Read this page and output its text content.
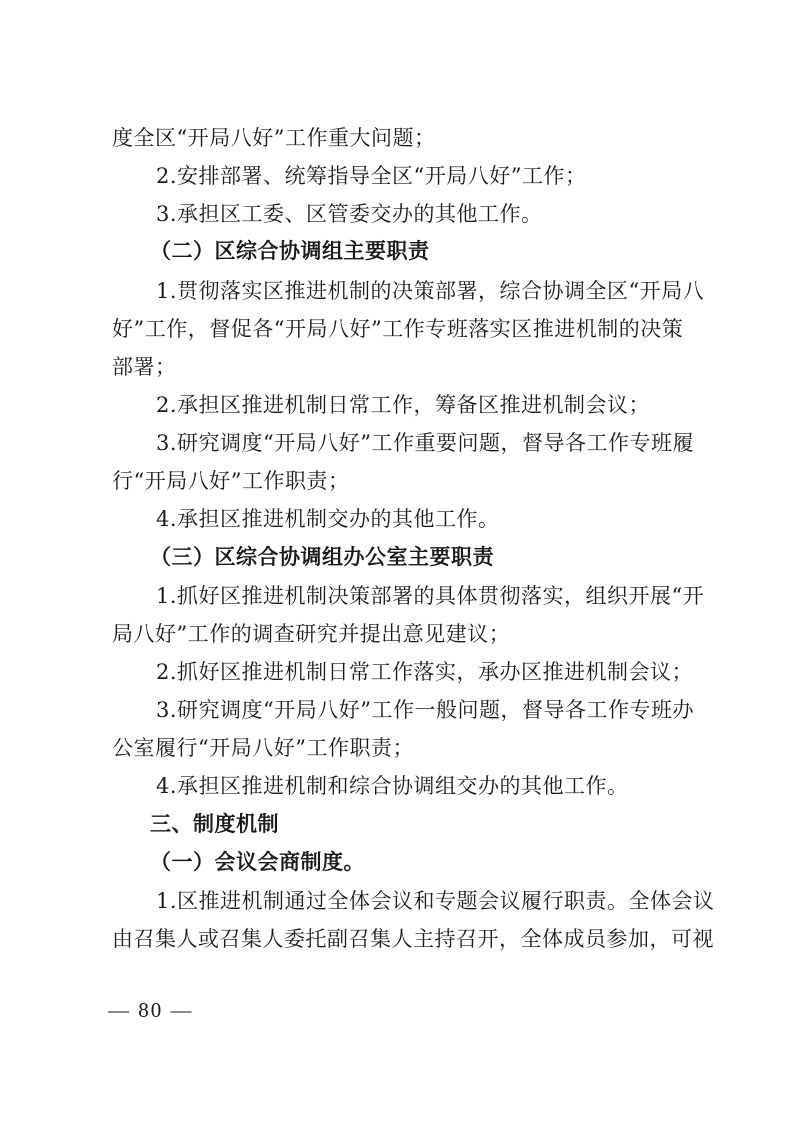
度全区“开局八好”工作重大问题；
2.安排部署、统筹指导全区“开局八好”工作；
3.承担区工委、区管委交办的其他工作。
（二）区综合协调组主要职责
1.贯彻落实区推进机制的决策部署，综合协调全区“开局八
好”工作，督促各“开局八好”工作专班落实区推进机制的决策
部署；
2.承担区推进机制日常工作，筹备区推进机制会议；
3.研究调度“开局八好”工作重要问题，督导各工作专班履
行“开局八好”工作职责；
4.承担区推进机制交办的其他工作。
（三）区综合协调组办公室主要职责
1.抓好区推进机制决策部署的具体贯彻落实，组织开展“开
局八好”工作的调查研究并提出意见建议；
2.抓好区推进机制日常工作落实，承办区推进机制会议；
3.研究调度“开局八好”工作一般问题，督导各工作专班办
公室履行“开局八好”工作职责；
4.承担区推进机制和综合协调组交办的其他工作。
三、制度机制
（一）会议会商制度。
1.区推进机制通过全体会议和专题会议履行职责。全体会议
由召集人或召集人委托副召集人主持召开，全体成员参加，可视
— 80 —
